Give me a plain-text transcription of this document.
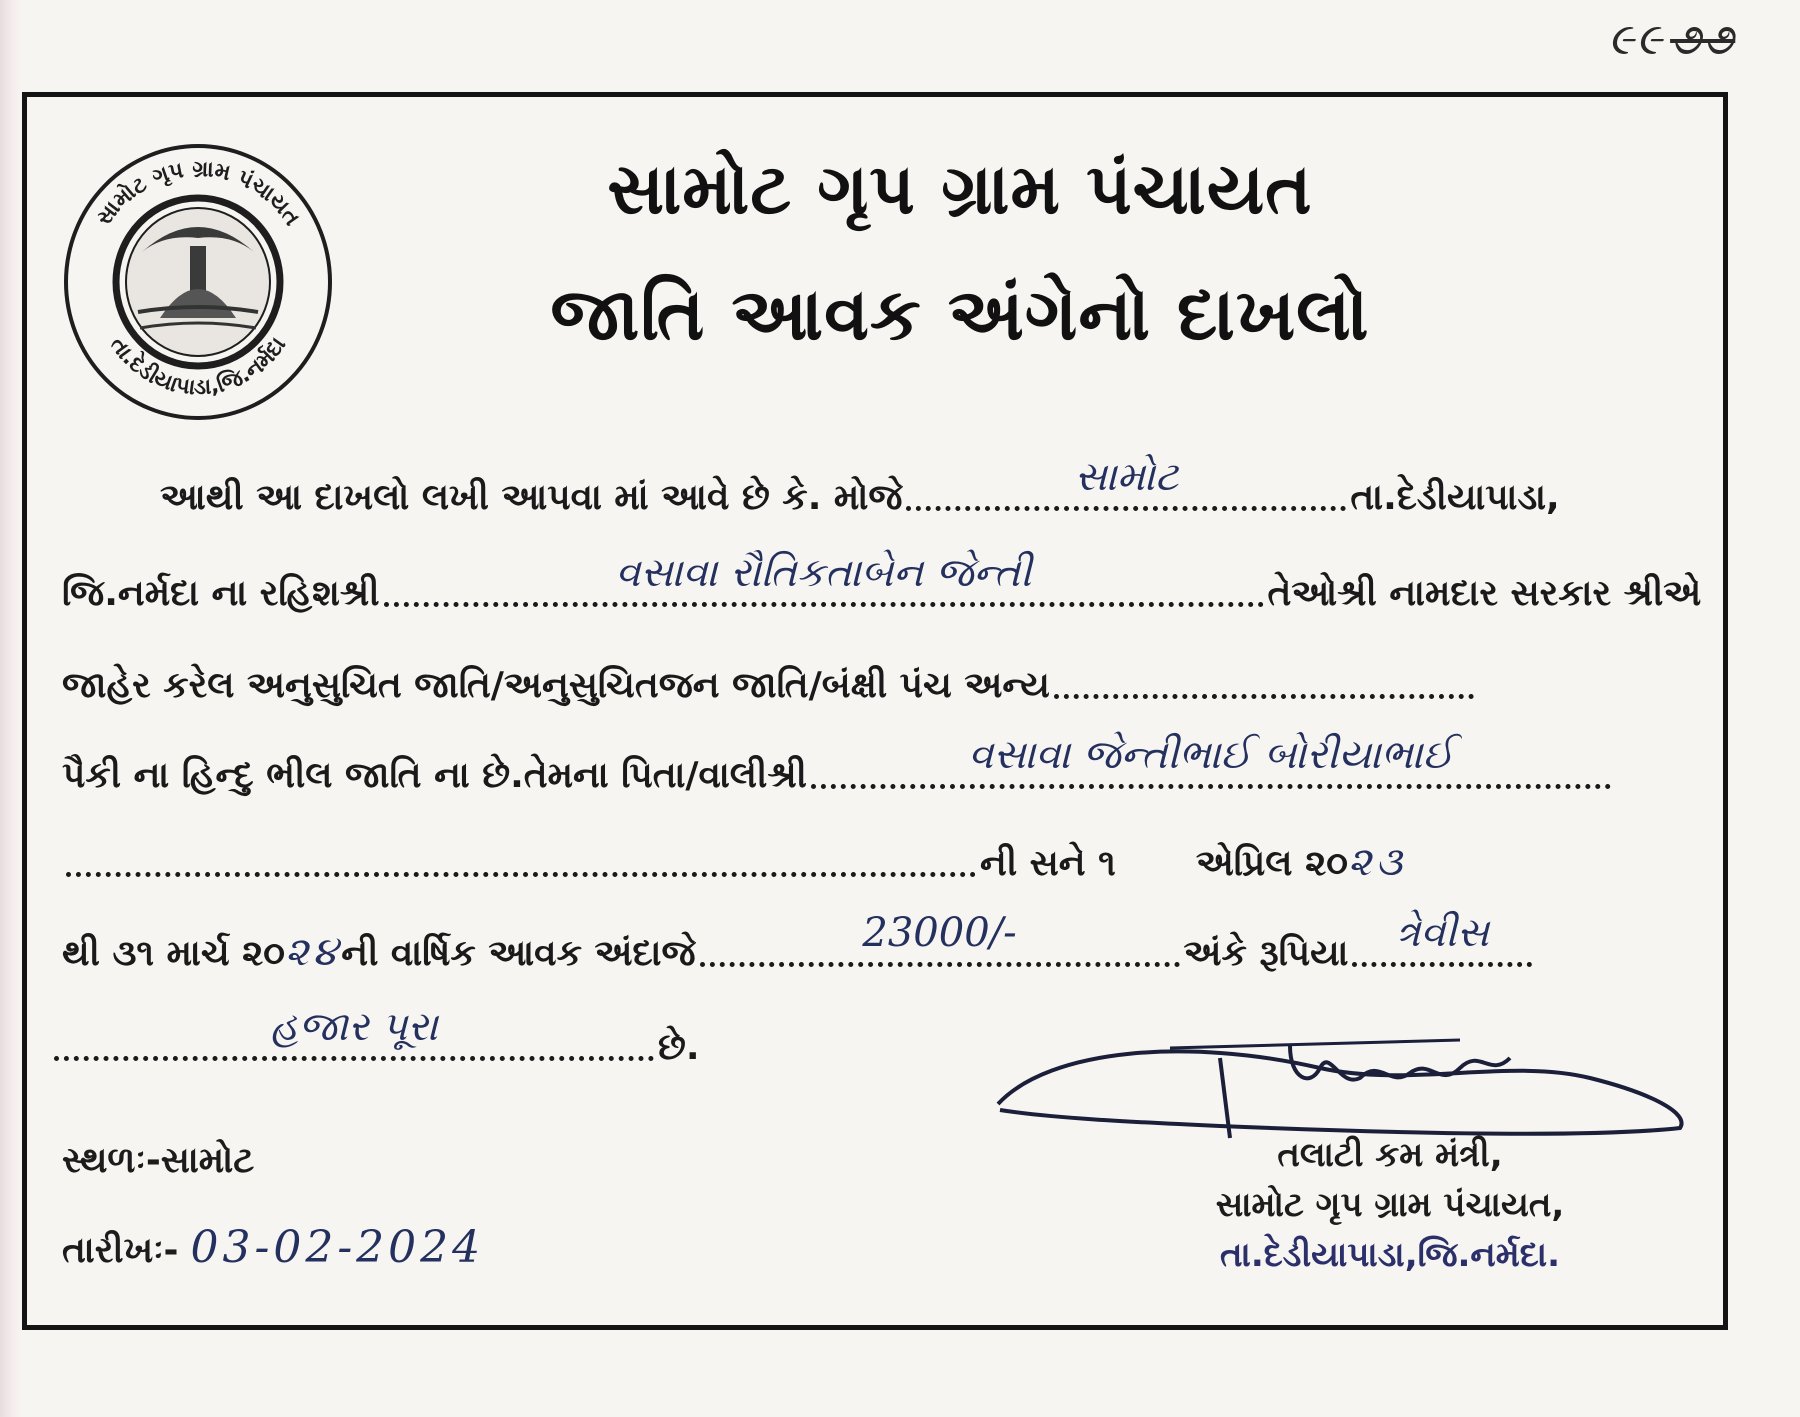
૯૯ ૭૭
સામોટ ગૃપ ગ્રામ પંચાયત
તા.દેડીયાપાડા,જિ.નર્મદા
સામોટ ગૃપ ગ્રામ પંચાયત
જાતિ આવક અંગેનો દાખલો
આથી આ દાખલો લખી આપવા માં આવે છે કે. મોજે	સામોટ	તા.દેડીયાપાડા,
જિ.નર્મદા ના રહિશશ્રી	વસાવા રૌતિકતાબેન જેન્તી	તેઓશ્રી નામદાર સરકાર શ્રીએ
જાહેર કરેલ અનુસુચિત જાતિ/અનુસુચિતજન જાતિ/બંક્ષી પંચ અન્ય
પૈકી ના હિન્દુ ભીલ જાતિ ના છે.તેમના પિતા/વાલીશ્રી	વસાવા જેન્તીભાઈ બોરીયાભાઈ
ની સને ૧ એપ્રિલ ૨૦૨૩
થી ૩૧ માર્ચ ૨૦૨૪ની વાર્ષિક આવક અંદાજે	23000/-	અંકે રૂપિયા	ત્રેવીસ
હજાર પૂરા	છે.
સ્થળઃ-સામોટ
તારીખઃ- 03-02-2024
તલાટી કમ મંત્રી,
સામોટ ગૃપ ગ્રામ પંચાયત,
તા.દેડીયાપાડા,જિ.નર્મદા.
